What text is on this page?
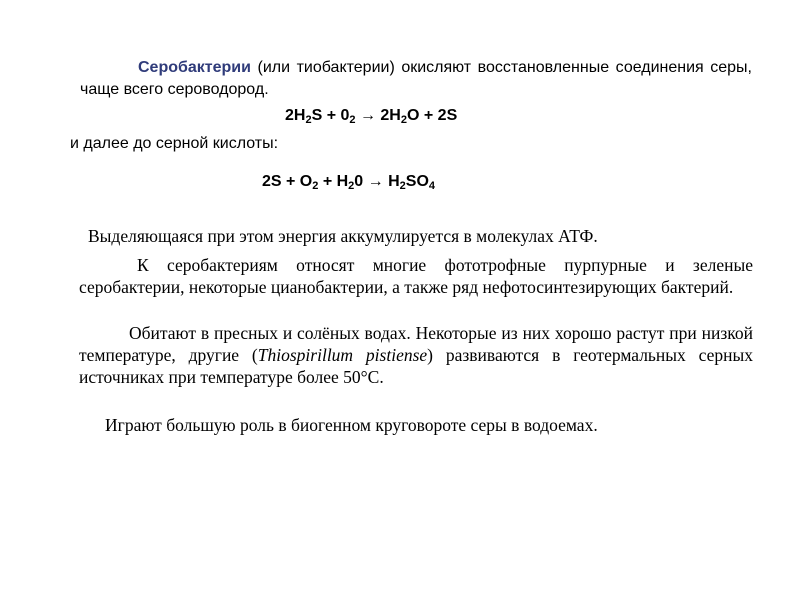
Серобактерии (или тиобактерии) окисляют восстановленные соединения серы, чаще всего сероводород.

$2H_2S + 0_2 \to 2H_2O + 2S$
и далее до серной кислоты:
$2S + O_2 + H_20 \to H_2SO_4$

Выделяющаяся при этом энергия аккумулируется в молекулах АТФ.

К серобактериям относят многие фототрофные пурпурные и зеленые серобактерии, некоторые цианобактерии, а также ряд нефотосинтезирующих бактерий.

Обитают в пресных и солёных водах. Некоторые из них хорошо растут при низкой температуре, другие (Thiospirillum pistiense) развиваются в геотермальных серных источниках при температуре более 50°С.

Играют большую роль в биогенном круговороте серы в водоемах.
